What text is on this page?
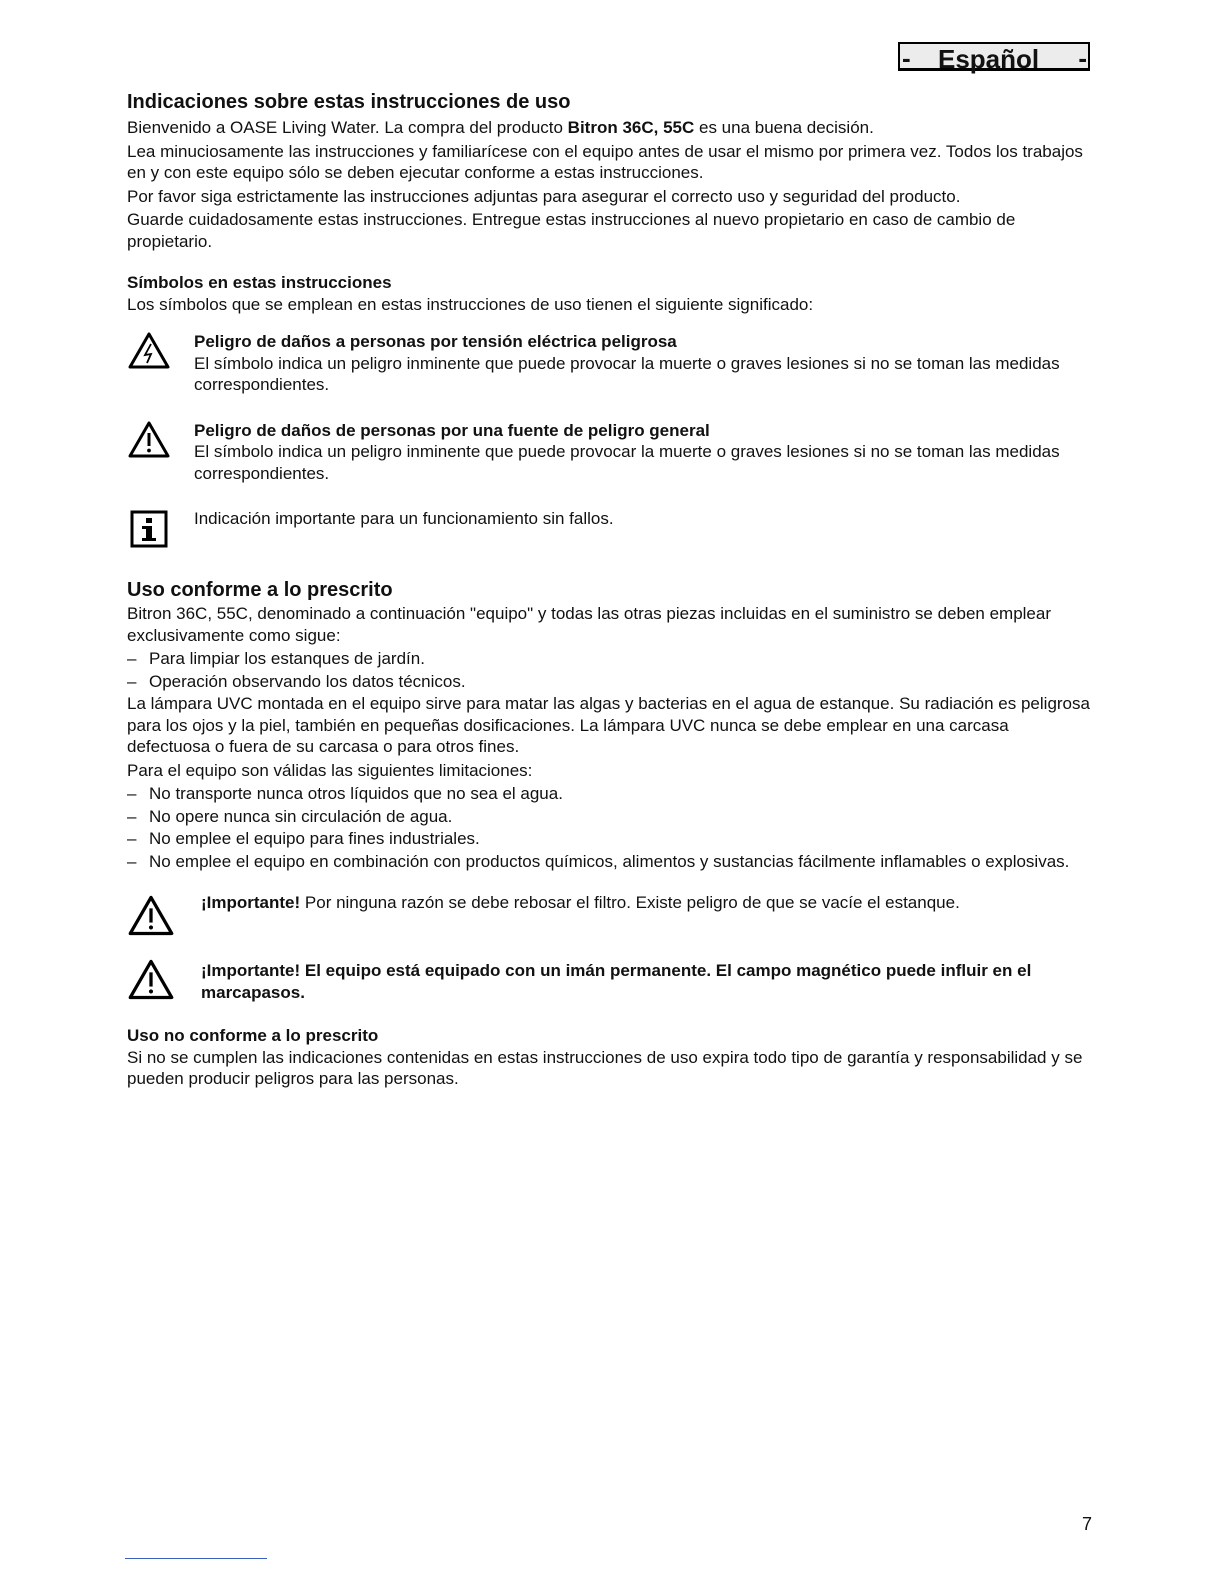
- Español -
Indicaciones sobre estas instrucciones de uso

Bienvenido a OASE Living Water. La compra del producto Bitron 36C, 55C es una buena decisión.

Lea minuciosamente las instrucciones y familiarícese con el equipo antes de usar el mismo por primera vez. Todos los trabajos en y con este equipo sólo se deben ejecutar conforme a estas instrucciones.

Por favor siga estrictamente las instrucciones adjuntas para asegurar el correcto uso y seguridad del producto.

Guarde cuidadosamente estas instrucciones. Entregue estas instrucciones al nuevo propietario en caso de cambio de propietario.

Símbolos en estas instrucciones

Los símbolos que se emplean en estas instrucciones de uso tienen el siguiente significado:

Peligro de daños a personas por tensión eléctrica peligrosa
El símbolo indica un peligro inminente que puede provocar la muerte o graves lesiones si no se toman las medidas correspondientes.
Peligro de daños de personas por una fuente de peligro general
El símbolo indica un peligro inminente que puede provocar la muerte o graves lesiones si no se toman las medidas correspondientes.
Indicación importante para un funcionamiento sin fallos.
Uso conforme a lo prescrito

Bitron 36C, 55C, denominado a continuación "equipo" y todas las otras piezas incluidas en el suministro se deben emplear exclusivamente como sigue:

– Para limpiar los estanques de jardín.
– Operación observando los datos técnicos.

La lámpara UVC montada en el equipo sirve para matar las algas y bacterias en el agua de estanque. Su radiación es peligrosa para los ojos y la piel, también en pequeñas dosificaciones. La lámpara UVC nunca se debe emplear en una carcasa defectuosa o fuera de su carcasa o para otros fines.

Para el equipo son válidas las siguientes limitaciones:

– No transporte nunca otros líquidos que no sea el agua.
– No opere nunca sin circulación de agua.
– No emplee el equipo para fines industriales.
– No emplee el equipo en combinación con productos químicos, alimentos y sustancias fácilmente inflamables o explosivas.
¡Importante! Por ninguna razón se debe rebosar el filtro. Existe peligro de que se vacíe el estanque.
¡Importante! El equipo está equipado con un imán permanente. El campo magnético puede influir en el marcapasos.
Uso no conforme a lo prescrito

Si no se cumplen las indicaciones contenidas en estas instrucciones de uso expira todo tipo de garantía y responsabilidad y se pueden producir peligros para las personas.

7
